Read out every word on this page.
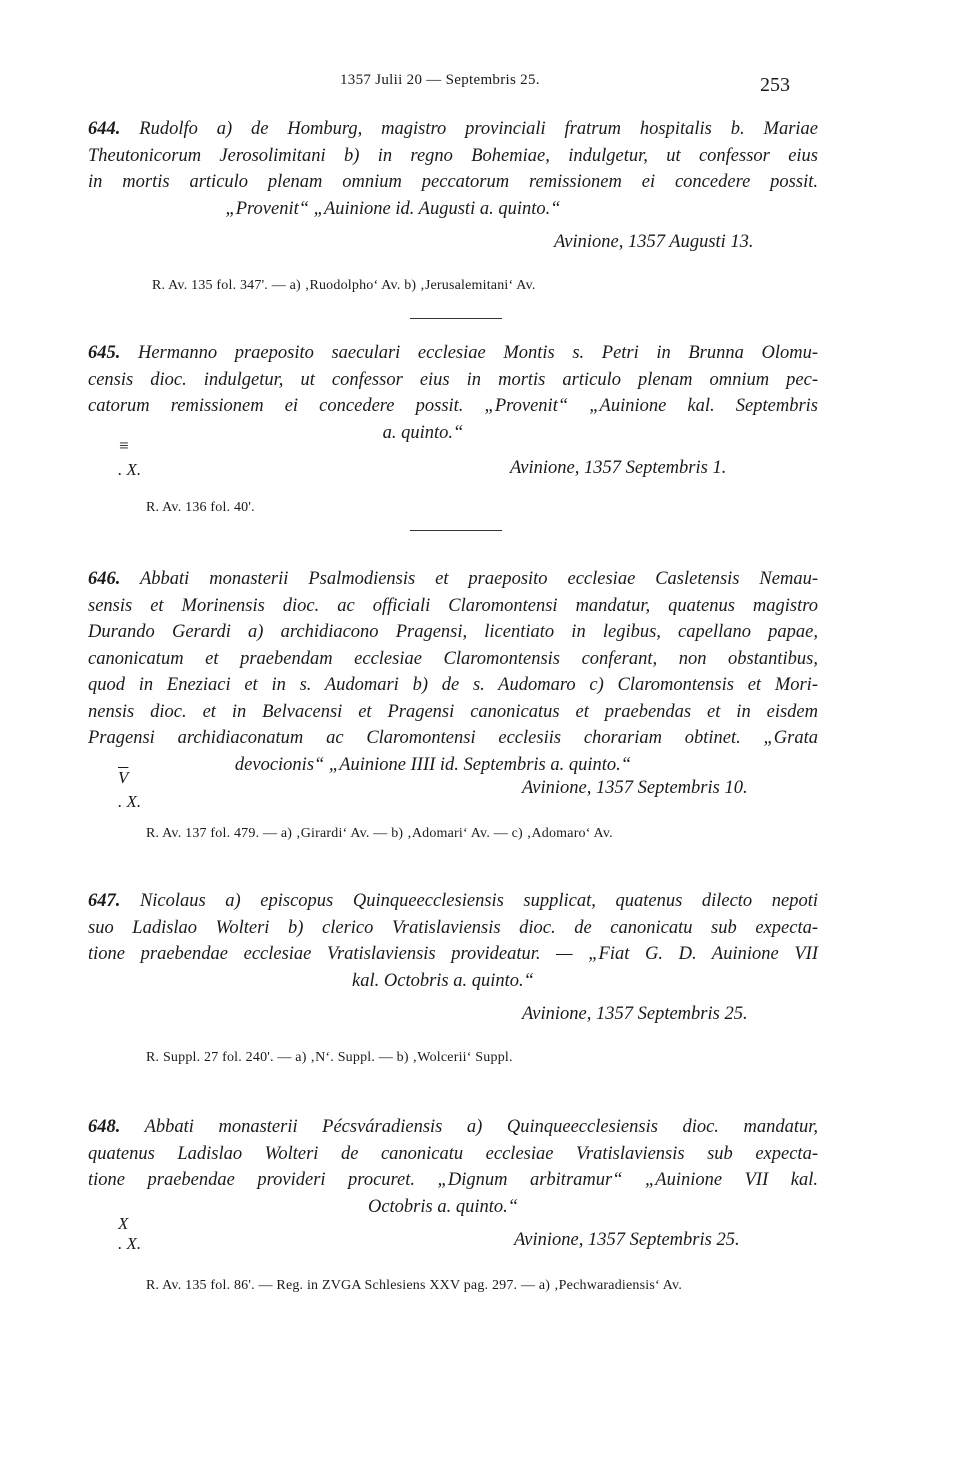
1357 Julii 20 — Septembris 25.	253
644. Rudolfo a) de Homburg, magistro provinciali fratrum hospitalis b. Mariae
Theutonicorum Jerosolimitani b) in regno Bohemiae, indulgetur, ut confessor eius
in mortis articulo plenam omnium peccatorum remissionem ei concedere possit.
„Provenit“ „Auinione id. Augusti a. quinto.“
Avinione, 1357 Augusti 13.
R. Av. 135 fol. 347'. — a) ‚Ruodolpho‘ Av. b) ‚Jerusalemitani‘ Av.
645. Hermanno praeposito saeculari ecclesiae Montis s. Petri in Brunna Olomu-
censis dioc. indulgetur, ut confessor eius in mortis articulo plenam omnium pec-
catorum remissionem ei concedere possit. „Provenit“ „Auinione kal. Septembris
a. quinto.“
≡
. X.	Avinione, 1357 Septembris 1.
R. Av. 136 fol. 40'.
646. Abbati monasterii Psalmodiensis et praeposito ecclesiae Casletensis Nemau-
sensis et Morinensis dioc. ac officiali Claromontensi mandatur, quatenus magistro
Durando Gerardi a) archidiacono Pragensi, licentiato in legibus, capellano papae,
canonicatum et praebendam ecclesiae Claromontensis conferant, non obstantibus,
quod in Eneziaci et in s. Audomari b) de s. Audomaro c) Claromontensis et Mori-
nensis dioc. et in Belvacensi et Pragensi canonicatus et praebendas et in eisdem
Pragensi archidiaconatum ac Claromontensi ecclesiis chorariam obtinet. „Grata
devocionis“ „Auinione IIII id. Septembris a. quinto.“
$\overline{V}$
. X.
Avinione, 1357 Septembris 10.
R. Av. 137 fol. 479. — a) ‚Girardi‘ Av. — b) ‚Adomari‘ Av. — c) ‚Adomaro‘ Av.
647. Nicolaus a) episcopus Quinqueecclesiensis supplicat, quatenus dilecto nepoti
suo Ladislao Wolteri b) clerico Vratislaviensis dioc. de canonicatu sub expecta-
tione praebendae ecclesiae Vratislaviensis provideatur. — „Fiat G. D. Auinione VII
kal. Octobris a. quinto.“
Avinione, 1357 Septembris 25.
R. Suppl. 27 fol. 240'. — a) ‚N‘. Suppl. — b) ‚Wolcerii‘ Suppl.
648. Abbati monasterii Pécsváradiensis a) Quinqueecclesiensis dioc. mandatur,
quatenus Ladislao Wolteri de canonicatu ecclesiae Vratislaviensis sub expecta-
tione praebendae provideri procuret. „Dignum arbitramur“ „Auinione VII kal.
Octobris a. quinto.“
X
. X.	Avinione, 1357 Septembris 25.
R. Av. 135 fol. 86'. — Reg. in ZVGA Schlesiens XXV pag. 297. — a) ‚Pechwaradiensis‘ Av.
